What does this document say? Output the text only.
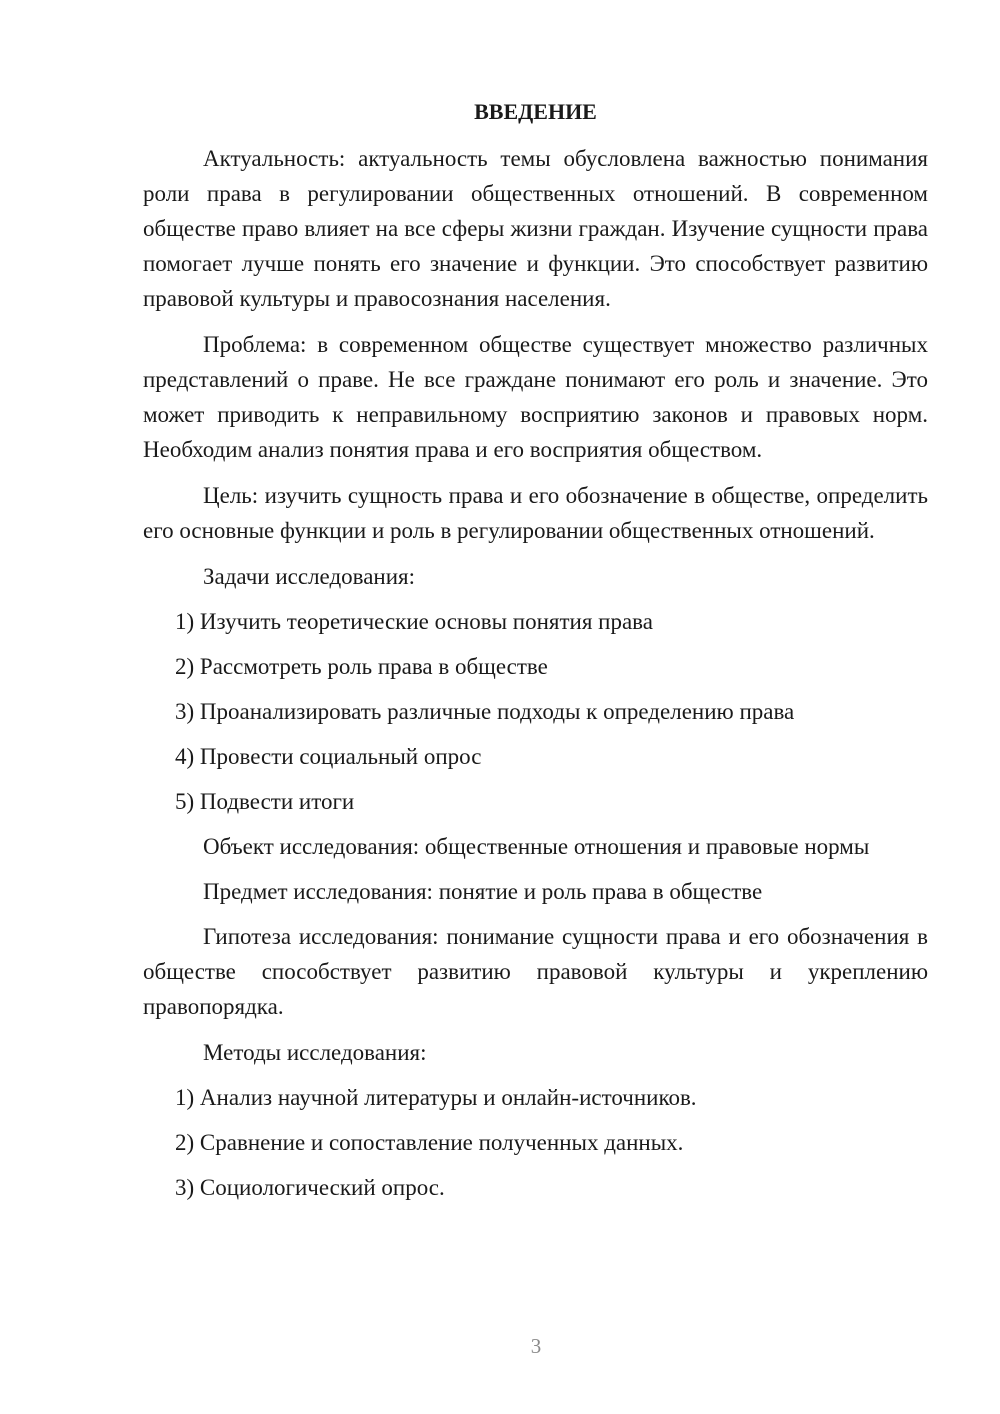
ВВЕДЕНИЕ

Актуальность: актуальность темы обусловлена важностью понимания роли права в регулировании общественных отношений. В современном обществе право влияет на все сферы жизни граждан. Изучение сущности права помогает лучше понять его значение и функции. Это способствует развитию правовой культуры и правосознания населения.

Проблема: в современном обществе существует множество различных представлений о праве. Не все граждане понимают его роль и значение. Это может приводить к неправильному восприятию законов и правовых норм. Необходим анализ понятия права и его восприятия обществом.

Цель: изучить сущность права и его обозначение в обществе, определить его основные функции и роль в регулировании общественных отношений.

Задачи исследования:

1) Изучить теоретические основы понятия права
2) Рассмотреть роль права в обществе
3) Проанализировать различные подходы к определению права
4) Провести социальный опрос
5) Подвести итоги

Объект исследования: общественные отношения и правовые нормы

Предмет исследования: понятие и роль права в обществе

Гипотеза исследования: понимание сущности права и его обозначения в обществе способствует развитию правовой культуры и укреплению правопорядка.

Методы исследования:

1) Анализ научной литературы и онлайн-источников.
2) Сравнение и сопоставление полученных данных.
3) Социологический опрос.
3
